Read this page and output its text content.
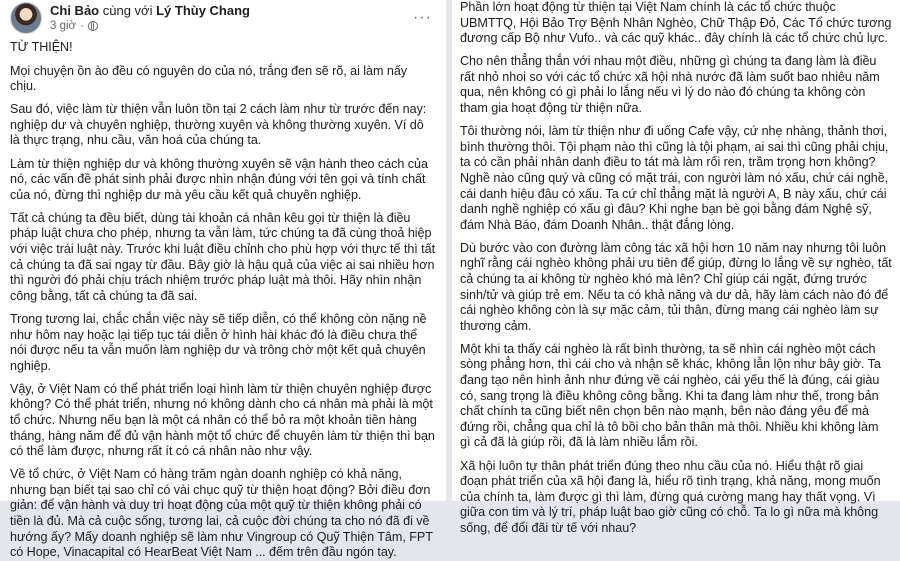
Chi Bảo cùng với Lý Thùy Chang
3 giờ ·	···
TỪ THIỆN!
Mọi chuyện ồn ào đều có nguyên do của nó, trắng đen sẽ rõ, ai làm nấy chịu.
Sau đó, việc làm từ thiện vẫn luôn tồn tại 2 cách làm như từ trước đến nay: nghiệp dư và chuyên nghiệp, thường xuyên và không thường xuyên. Ví dô là thực trạng, nhu cầu, văn hoá của chúng ta.
Làm từ thiện nghiệp dư và không thường xuyên sẽ vận hành theo cách của nó, các vấn đề phát sinh phải được nhìn nhận đúng với tên gọi và tính chất của nó, đừng thì nghiệp dư mà yêu cầu kết quả chuyên nghiệp.
Tất cả chúng ta đều biết, dùng tài khoản cá nhân kêu gọi từ thiện là điều pháp luật chưa cho phép, nhưng ta vẫn làm, tức chúng ta đã cùng thoả hiệp với việc trái luật này. Trước khi luật điều chỉnh cho phù hợp với thực tế thì tất cả chúng ta đã sai ngay từ đầu. Bây giờ là hậu quả của việc ai sai nhiều hơn thì người đó phải chịu trách nhiệm trước pháp luật mà thôi. Hãy nhìn nhận công bằng, tất cả chúng ta đã sai.
Trong tương lai, chắc chắn việc này sẽ tiếp diễn, có thể không còn nặng nề như hôm nay hoặc lại tiếp tục tái diễn ở hình hài khác đó là điều chưa thể nói được nếu ta vẫn muốn làm nghiệp dư và trông chờ một kết quả chuyên nghiệp.
Vậy, ở Việt Nam có thể phát triển loại hình làm từ thiện chuyên nghiệp được không? Có thể phát triển, nhưng nó không dành cho cá nhân mà phải là một tổ chức. Nhưng nếu bạn là một cá nhân có thể bỏ ra một khoản tiền hàng tháng, hàng năm để đủ vận hành một tổ chức để chuyên làm từ thiện thì bạn có thể làm được, nhưng rất ít có cá nhân nào như vậy.
Về tổ chức, ở Việt Nam có hàng trăm ngàn doanh nghiệp có khả năng, nhưng bạn biết tại sao chỉ có vài chục quỹ từ thiện hoạt động? Bởi điều đơn giản: để vận hành và duy trì hoạt động của một quỹ từ thiện không phải có tiền là đủ. Mà cả cuộc sống, tương lai, cả cuộc đời chúng ta cho nó đã đi về hướng ấy? Mấy doanh nghiệp sẽ làm như Vingroup có Quỹ Thiện Tâm, FPT có Hope, Vinacapital có HearBeat Việt Nam ... đếm trên đầu ngón tay.
Phần lớn hoạt động từ thiện tại Việt Nam chính là các tổ chức thuộc UBMTTQ, Hội Bảo Trợ Bệnh Nhân Nghèo, Chữ Thập Đỏ, Các Tổ chức tương đương cấp Bộ như Vufo.. và các quỹ khác.. đây chính là các tổ chức chủ lực.
Cho nên thẳng thắn với nhau một điều, những gì chúng ta đang làm là điều rất nhỏ nhoi so với các tổ chức xã hội nhà nước đã làm suốt bao nhiêu năm qua, nên không có gì phải lo lắng nếu vì lý do nào đó chúng ta không còn tham gia hoạt động từ thiện nữa.
Tôi thường nói, làm từ thiện như đi uống Cafe vậy, cứ nhẹ nhàng, thảnh thơi, bình thường thôi. Tội phạm nào thì cũng là tội phạm, ai sai thì cũng phải chịu, ta có cần phải nhân danh điều to tát mà làm rối ren, trầm trọng hơn không? Nghề nào cũng quý và cũng có mặt trái, con người làm nó xấu, chứ cái nghề, cái danh hiệu đâu có xấu. Ta cứ chỉ thẳng mặt là người A, B này xấu, chứ cái danh nghề nghiệp có xấu gì đâu? Khi nghe bạn bè gọi bằng đám Nghệ sỹ, đám Nhà Báo, đám Doanh Nhân.. thật đắng lòng.
Dù bước vào con đường làm công tác xã hội hơn 10 năm nay nhưng tôi luôn nghĩ rằng cái nghèo không phải ưu tiên để giúp, đừng lo lắng về sự nghèo, tất cả chúng ta ai không từ nghèo khó mà lên? Chỉ giúp cái ngặt, đứng trước sinh/tử và giúp trẻ em. Nếu ta có khả năng và dư dả, hãy làm cách nào đó để cái nghèo không còn là sự mặc cảm, tủi thân, đừng mang cái nghèo làm sự thương cảm.
Một khi ta thấy cái nghèo là rất bình thường, ta sẽ nhìn cái nghèo một cách sòng phẳng hơn, thì cái cho và nhận sẽ khác, không lẫn lộn như bây giờ. Ta đang tạo nên hình ảnh như đứng về cái nghèo, cái yếu thế là đúng, cái giàu có, sang trọng là điều không công bằng. Khi ta đang làm như thế, trong bản chất chính ta cũng biết nên chọn bên nào mạnh, bên nào đáng yêu để mà đứng rồi, chẳng qua chỉ là tô bồi cho bản thân mà thôi. Nhiều khi không làm gì cả đã là giúp rồi, đã là làm nhiều lắm rồi.
Xã hội luôn tự thân phát triển đúng theo nhu cầu của nó. Hiểu thật rõ giai đoạn phát triển của xã hội đang là, hiểu rõ tình trạng, khả năng, mong muốn của chính ta, làm được gì thì làm, đừng quá cường mang hay thất vọng. Vì giữa con tim và lý trí, pháp luật bao giờ cũng có chỗ. Ta lo gì nữa mà không sống, để đổi đãi từ tế với nhau?
